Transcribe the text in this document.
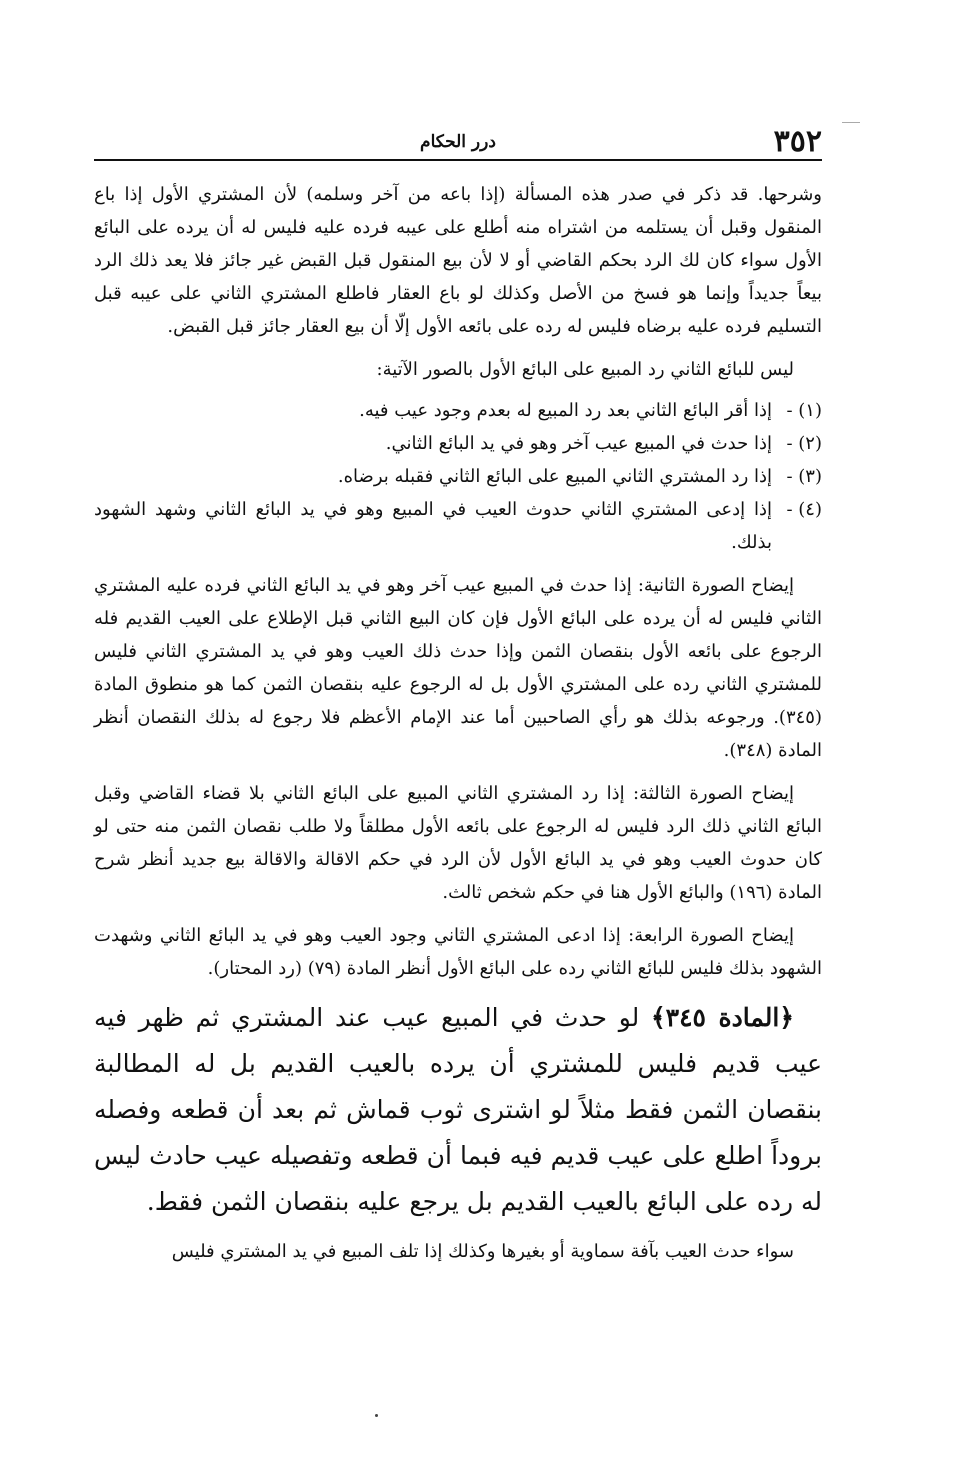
درر الحكام	٣٥٢

وشرحها. قد ذكر في صدر هذه المسألة (إذا باعه من آخر وسلمه) لأن المشتري الأول إذا باع المنقول وقبل أن يستلمه من اشتراه منه أطلع على عيبه فرده عليه فليس له أن يرده على البائع الأول سواء كان لك الرد بحكم القاضي أو لا لأن بيع المنقول قبل القبض غير جائز فلا يعد ذلك الرد بيعاً جديداً وإنما هو فسخ من الأصل وكذلك لو باع العقار فاطلع المشتري الثاني على عيبه قبل التسليم فرده عليه برضاه فليس له رده على بائعه الأول إلّا أن بيع العقار جائز قبل القبض.

ليس للبائع الثاني رد المبيع على البائع الأول بالصور الآتية:

(١) -
إذا أقر البائع الثاني بعد رد المبيع له بعدم وجود عيب فيه.
(٢) -
إذا حدث في المبيع عيب آخر وهو في يد البائع الثاني.
(٣) -
إذا رد المشتري الثاني المبيع على البائع الثاني فقبله برضاه.
(٤) -
إذا إدعى المشتري الثاني حدوث العيب في المبيع وهو في يد البائع الثاني وشهد الشهود بذلك.

إيضاح الصورة الثانية: إذا حدث في المبيع عيب آخر وهو في يد البائع الثاني فرده عليه المشتري الثاني فليس له أن يرده على البائع الأول فإن كان البيع الثاني قبل الإطلاع على العيب القديم فله الرجوع على بائعه الأول بنقصان الثمن وإذا حدث ذلك العيب وهو في يد المشتري الثاني فليس للمشتري الثاني رده على المشتري الأول بل له الرجوع عليه بنقصان الثمن كما هو منطوق المادة (٣٤٥). ورجوعه بذلك هو رأي الصاحبين أما عند الإمام الأعظم فلا رجوع له بذلك النقصان أنظر المادة (٣٤٨).

إيضاح الصورة الثالثة: إذا رد المشتري الثاني المبيع على البائع الثاني بلا قضاء القاضي وقبل البائع الثاني ذلك الرد فليس له الرجوع على بائعه الأول مطلقاً ولا طلب نقصان الثمن منه حتى لو كان حدوث العيب وهو في يد البائع الأول لأن الرد في حكم الاقالة والاقالة بيع جديد أنظر شرح المادة (١٩٦) والبائع الأول هنا في حكم شخص ثالث.

إيضاح الصورة الرابعة: إذا ادعى المشتري الثاني وجود العيب وهو في يد البائع الثاني وشهدت الشهود بذلك فليس للبائع الثاني رده على البائع الأول أنظر المادة (٧٩) (رد المحتار).

﴿المادة ٣٤٥﴾ لو حدث في المبيع عيب عند المشتري ثم ظهر فيه عيب قديم فليس للمشتري أن يرده بالعيب القديم بل له المطالبة بنقصان الثمن فقط مثلاً لو اشترى ثوب قماش ثم بعد أن قطعه وفصله بروداً اطلع على عيب قديم فيه فبما أن قطعه وتفصيله عيب حادث ليس له رده على البائع بالعيب القديم بل يرجع عليه بنقصان الثمن فقط.

سواء حدث العيب بآفة سماوية أو بغيرها وكذلك إذا تلف المبيع في يد المشتري فليس
